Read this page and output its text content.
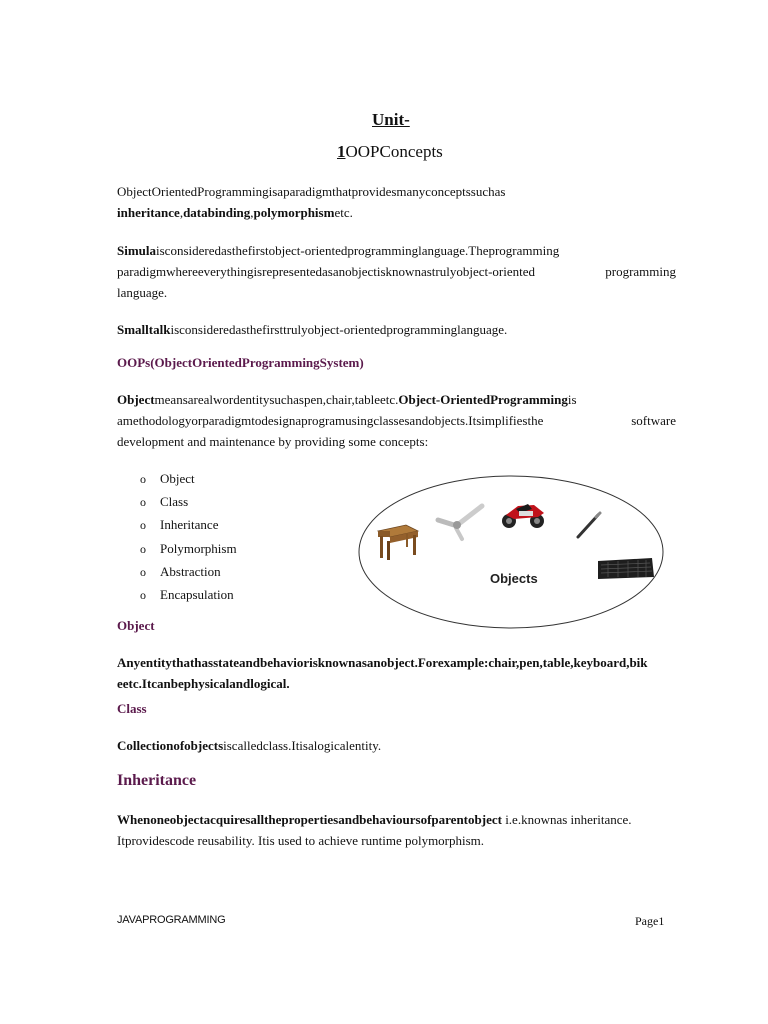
Unit-
1OOPConcepts
ObjectOrientedProgrammingisaparadigmthatprovidesmanyconceptssuchas
inheritance,databinding,polymorphismetc.
Simulaisconsideredasthefirstobject-orientedprogramminglanguage.Theprogramming
paradigmwhereeverythingisrepresentedasanobjectisknownastrulyobject-oriented	programming
language.
Smalltalkisconsideredasthefirsttrulyobject-orientedprogramminglanguage.
OOPs(ObjectOrientedProgrammingSystem)
Objectmeansarealwordentitysuchaspen,chair,tableetc.Object-OrientedProgrammingis
amethodologyorparadigmtodesignaprogramusingclassesandobjects.Itsimplifiesthe	software
development and maintenance by providing some concepts:
o	Object
o	Class
o	Inheritance
o	Polymorphism
o	Abstraction
o	Encapsulation
Objects
Object
Anyentitythathasstateandbehaviorisknownasanobject.Forexample:chair,pen,table,keyboard,bik
eetc.Itcanbephysicalandlogical.
Class
Collectionofobjectsiscalledclass.Itisalogicalentity.
Inheritance
Whenoneobjectacquiresallthepropertiesandbehavioursofparentobject i.e.knownas inheritance.
Itprovidescode reusability. Itis used to achieve runtime polymorphism.
JAVAPROGRAMMING	Page1
